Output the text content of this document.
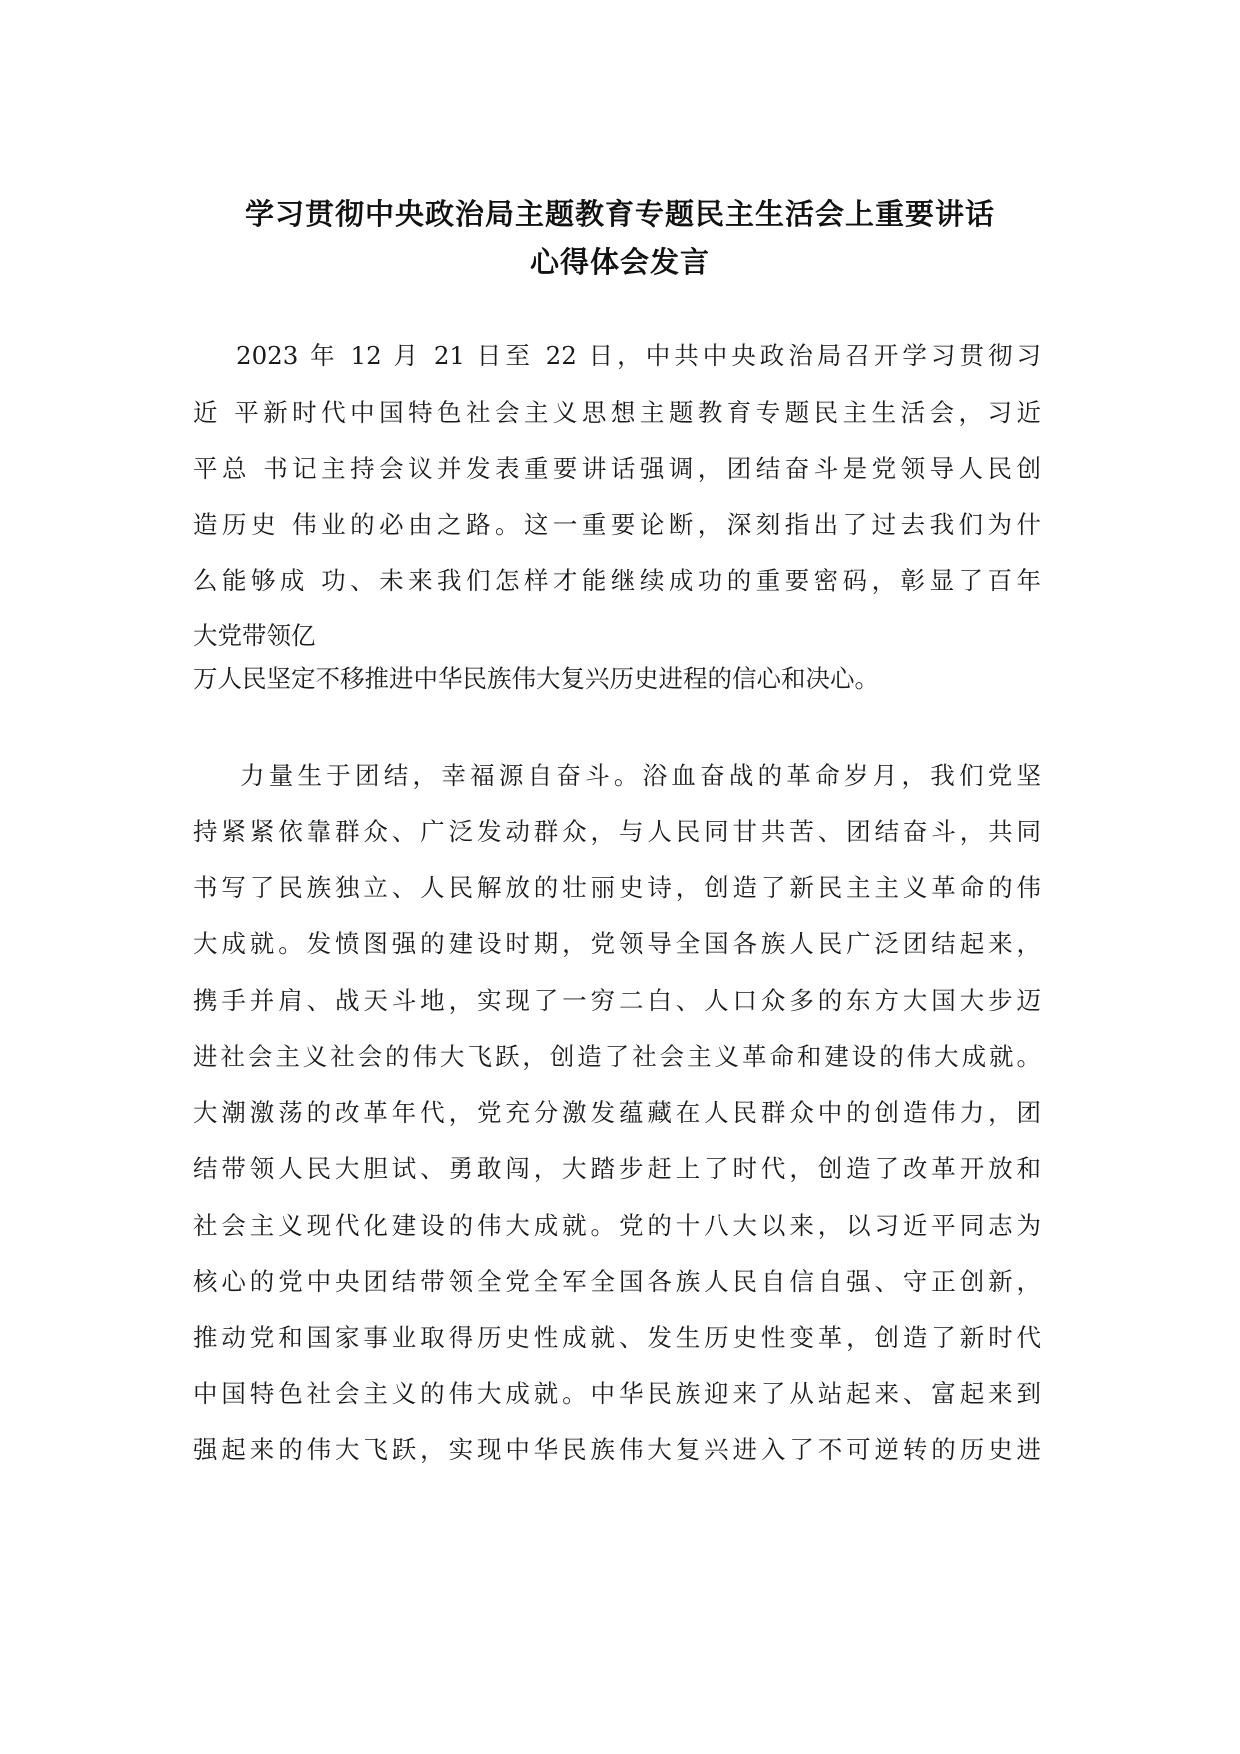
学习贯彻中央政治局主题教育专题民主生活会上重要讲话
心得体会发言
2023 年 12 月 21 日至 22 日，中共中央政治局召开学习贯彻习
近 平新时代中国特色社会主义思想主题教育专题民主生活会，习近
平总 书记主持会议并发表重要讲话强调，团结奋斗是党领导人民创
造历史 伟业的必由之路。这一重要论断，深刻指出了过去我们为什
么能够成 功、未来我们怎样才能继续成功的重要密码，彰显了百年
大党带领亿
万人民坚定不移推进中华民族伟大复兴历史进程的信心和决心。
力量生于团结，幸福源自奋斗。浴血奋战的革命岁月，我们党坚
持紧紧依靠群众、广泛发动群众，与人民同甘共苦、团结奋斗，共同
书写了民族独立、人民解放的壮丽史诗，创造了新民主主义革命的伟
大成就。发愤图强的建设时期，党领导全国各族人民广泛团结起来，
携手并肩、战天斗地，实现了一穷二白、人口众多的东方大国大步迈
进社会主义社会的伟大飞跃，创造了社会主义革命和建设的伟大成就。
大潮激荡的改革年代，党充分激发蕴藏在人民群众中的创造伟力，团
结带领人民大胆试、勇敢闯，大踏步赶上了时代，创造了改革开放和
社会主义现代化建设的伟大成就。党的十八大以来，以习近平同志为
核心的党中央团结带领全党全军全国各族人民自信自强、守正创新，
推动党和国家事业取得历史性成就、发生历史性变革，创造了新时代
中国特色社会主义的伟大成就。中华民族迎来了从站起来、富起来到
强起来的伟大飞跃，实现中华民族伟大复兴进入了不可逆转的历史进
